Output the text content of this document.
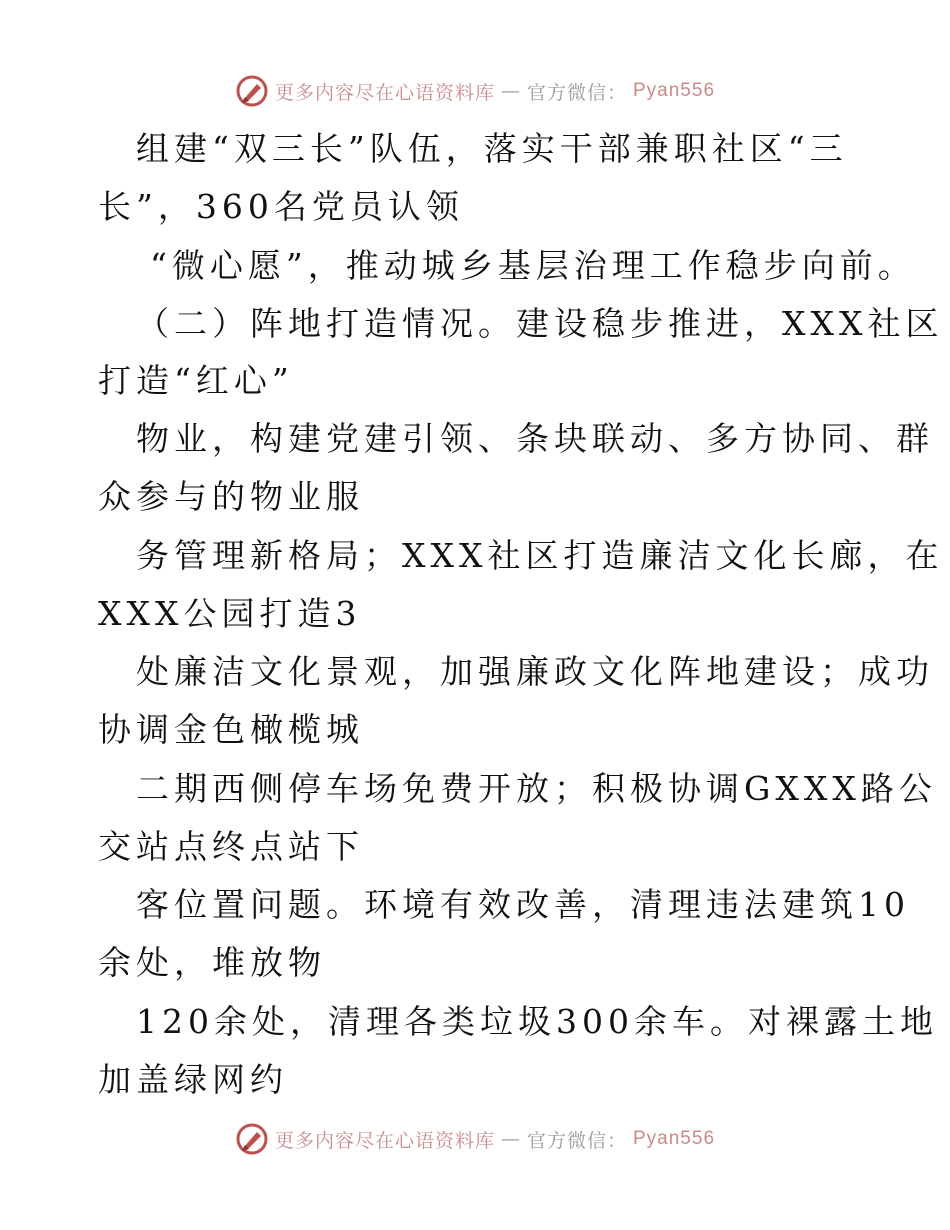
更多内容尽在心语资料库 — 官方微信： Pyan556
组建“双三长”队伍，落实干部兼职社区“三
长”，360名党员认领
“微心愿”，推动城乡基层治理工作稳步向前。
（二）阵地打造情况。建设稳步推进，XXX社区
打造“红心”
物业，构建党建引领、条块联动、多方协同、群
众参与的物业服
务管理新格局；XXX社区打造廉洁文化长廊，在
XXX公园打造3
处廉洁文化景观，加强廉政文化阵地建设；成功
协调金色橄榄城
二期西侧停车场免费开放；积极协调GXXX路公
交站点终点站下
客位置问题。环境有效改善，清理违法建筑10
余处，堆放物
120余处，清理各类垃圾300余车。对裸露土地
加盖绿网约
更多内容尽在心语资料库 — 官方微信： Pyan556
